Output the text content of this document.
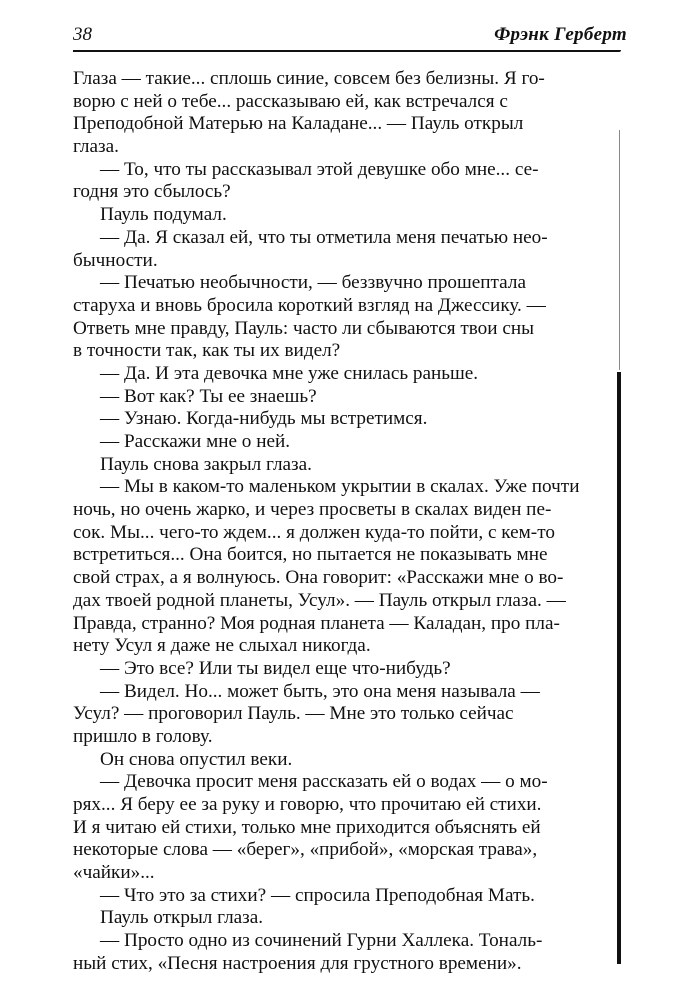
38	Фрэнк Герберт
Глаза — такие... сплошь синие, совсем без белизны. Я го-
ворю с ней о тебе... рассказываю ей, как встречался с
Преподобной Матерью на Каладане... — Пауль открыл
глаза.
— То, что ты рассказывал этой девушке обо мне... се-
годня это сбылось?
Пауль подумал.
— Да. Я сказал ей, что ты отметила меня печатью нео-
бычности.
— Печатью необычности, — беззвучно прошептала
старуха и вновь бросила короткий взгляд на Джессику. —
Ответь мне правду, Пауль: часто ли сбываются твои сны
в точности так, как ты их видел?
— Да. И эта девочка мне уже снилась раньше.
— Вот как? Ты ее знаешь?
— Узнаю. Когда-нибудь мы встретимся.
— Расскажи мне о ней.
Пауль снова закрыл глаза.
— Мы в каком-то маленьком укрытии в скалах. Уже почти
ночь, но очень жарко, и через просветы в скалах виден пе-
сок. Мы... чего-то ждем... я должен куда-то пойти, с кем-то
встретиться... Она боится, но пытается не показывать мне
свой страх, а я волнуюсь. Она говорит: «Расскажи мне о во-
дах твоей родной планеты, Усул». — Пауль открыл глаза. —
Правда, странно? Моя родная планета — Каладан, про пла-
нету Усул я даже не слыхал никогда.
— Это все? Или ты видел еще что-нибудь?
— Видел. Но... может быть, это она меня называла —
Усул? — проговорил Пауль. — Мне это только сейчас
пришло в голову.
Он снова опустил веки.
— Девочка просит меня рассказать ей о водах — о мо-
рях... Я беру ее за руку и говорю, что прочитаю ей стихи.
И я читаю ей стихи, только мне приходится объяснять ей
некоторые слова — «берег», «прибой», «морская трава»,
«чайки»...
— Что это за стихи? — спросила Преподобная Мать.
Пауль открыл глаза.
— Просто одно из сочинений Гурни Халлека. Тональ-
ный стих, «Песня настроения для грустного времени».
